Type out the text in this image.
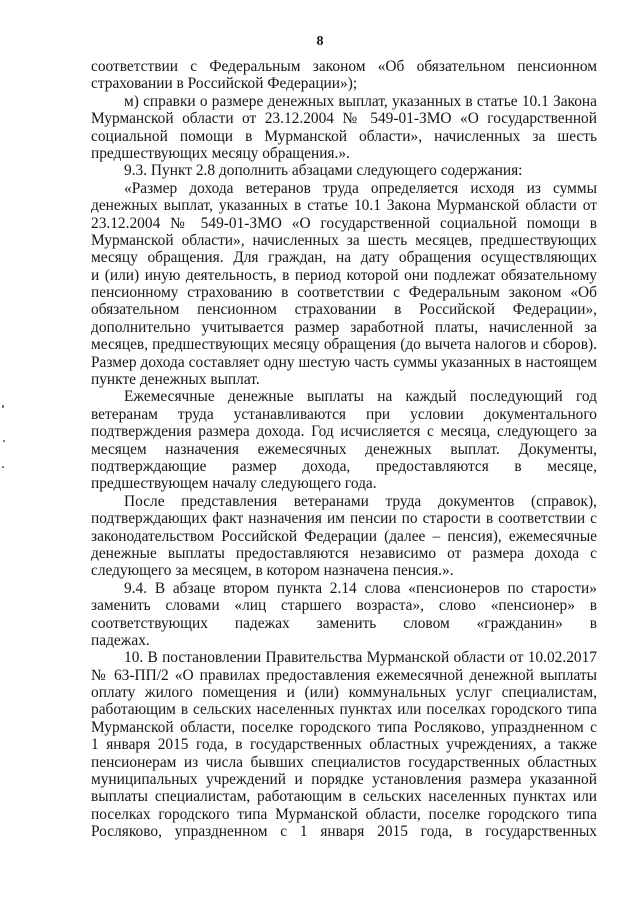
8
соответствии с Федеральным законом «Об обязательном пенсионном
страховании в Российской Федерации»);
м) справки о размере денежных выплат, указанных в статье 10.1 Закона
Мурманской области от 23.12.2004 № 549-01-ЗМО «О государственной
социальной помощи в Мурманской области», начисленных за шесть
предшествующих месяцу обращения.».
9.3. Пункт 2.8 дополнить абзацами следующего содержания:
«Размер дохода ветеранов труда определяется исходя из суммы
денежных выплат, указанных в статье 10.1 Закона Мурманской области от
23.12.2004 № 549-01-ЗМО «О государственной социальной помощи в
Мурманской области», начисленных за шесть месяцев, предшествующих
месяцу обращения. Для граждан, на дату обращения осуществляющих
и (или) иную деятельность, в период которой они подлежат обязательному
пенсионному страхованию в соответствии с Федеральным законом «Об
обязательном пенсионном страховании в Российской Федерации»,
дополнительно учитывается размер заработной платы, начисленной за
месяцев, предшествующих месяцу обращения (до вычета налогов и сборов).
Размер дохода составляет одну шестую часть суммы указанных в настоящем
пункте денежных выплат.
Ежемесячные денежные выплаты на каждый последующий год
ветеранам труда устанавливаются при условии документального
подтверждения размера дохода. Год исчисляется с месяца, следующего за
месяцем назначения ежемесячных денежных выплат. Документы,
подтверждающие размер дохода, предоставляются в месяце,
предшествующем началу следующего года.
После представления ветеранами труда документов (справок),
подтверждающих факт назначения им пенсии по старости в соответствии с
законодательством Российской Федерации (далее – пенсия), ежемесячные
денежные выплаты предоставляются независимо от размера дохода с
следующего за месяцем, в котором назначена пенсия.».
9.4. В абзаце втором пункта 2.14 слова «пенсионеров по старости»
заменить словами «лиц старшего возраста», слово «пенсионер» в
соответствующих падежах заменить словом «гражданин» в
падежах.
10. В постановлении Правительства Мурманской области от 10.02.2017
№ 63-ПП/2 «О правилах предоставления ежемесячной денежной выплаты
оплату жилого помещения и (или) коммунальных услуг специалистам,
работающим в сельских населенных пунктах или поселках городского типа
Мурманской области, поселке городского типа Росляково, упраздненном с
1 января 2015 года, в государственных областных учреждениях, а также
пенсионерам из числа бывших специалистов государственных областных
муниципальных учреждений и порядке установления размера указанной
выплаты специалистам, работающим в сельских населенных пунктах или
поселках городского типа Мурманской области, поселке городского типа
Росляково, упраздненном с 1 января 2015 года, в государственных
